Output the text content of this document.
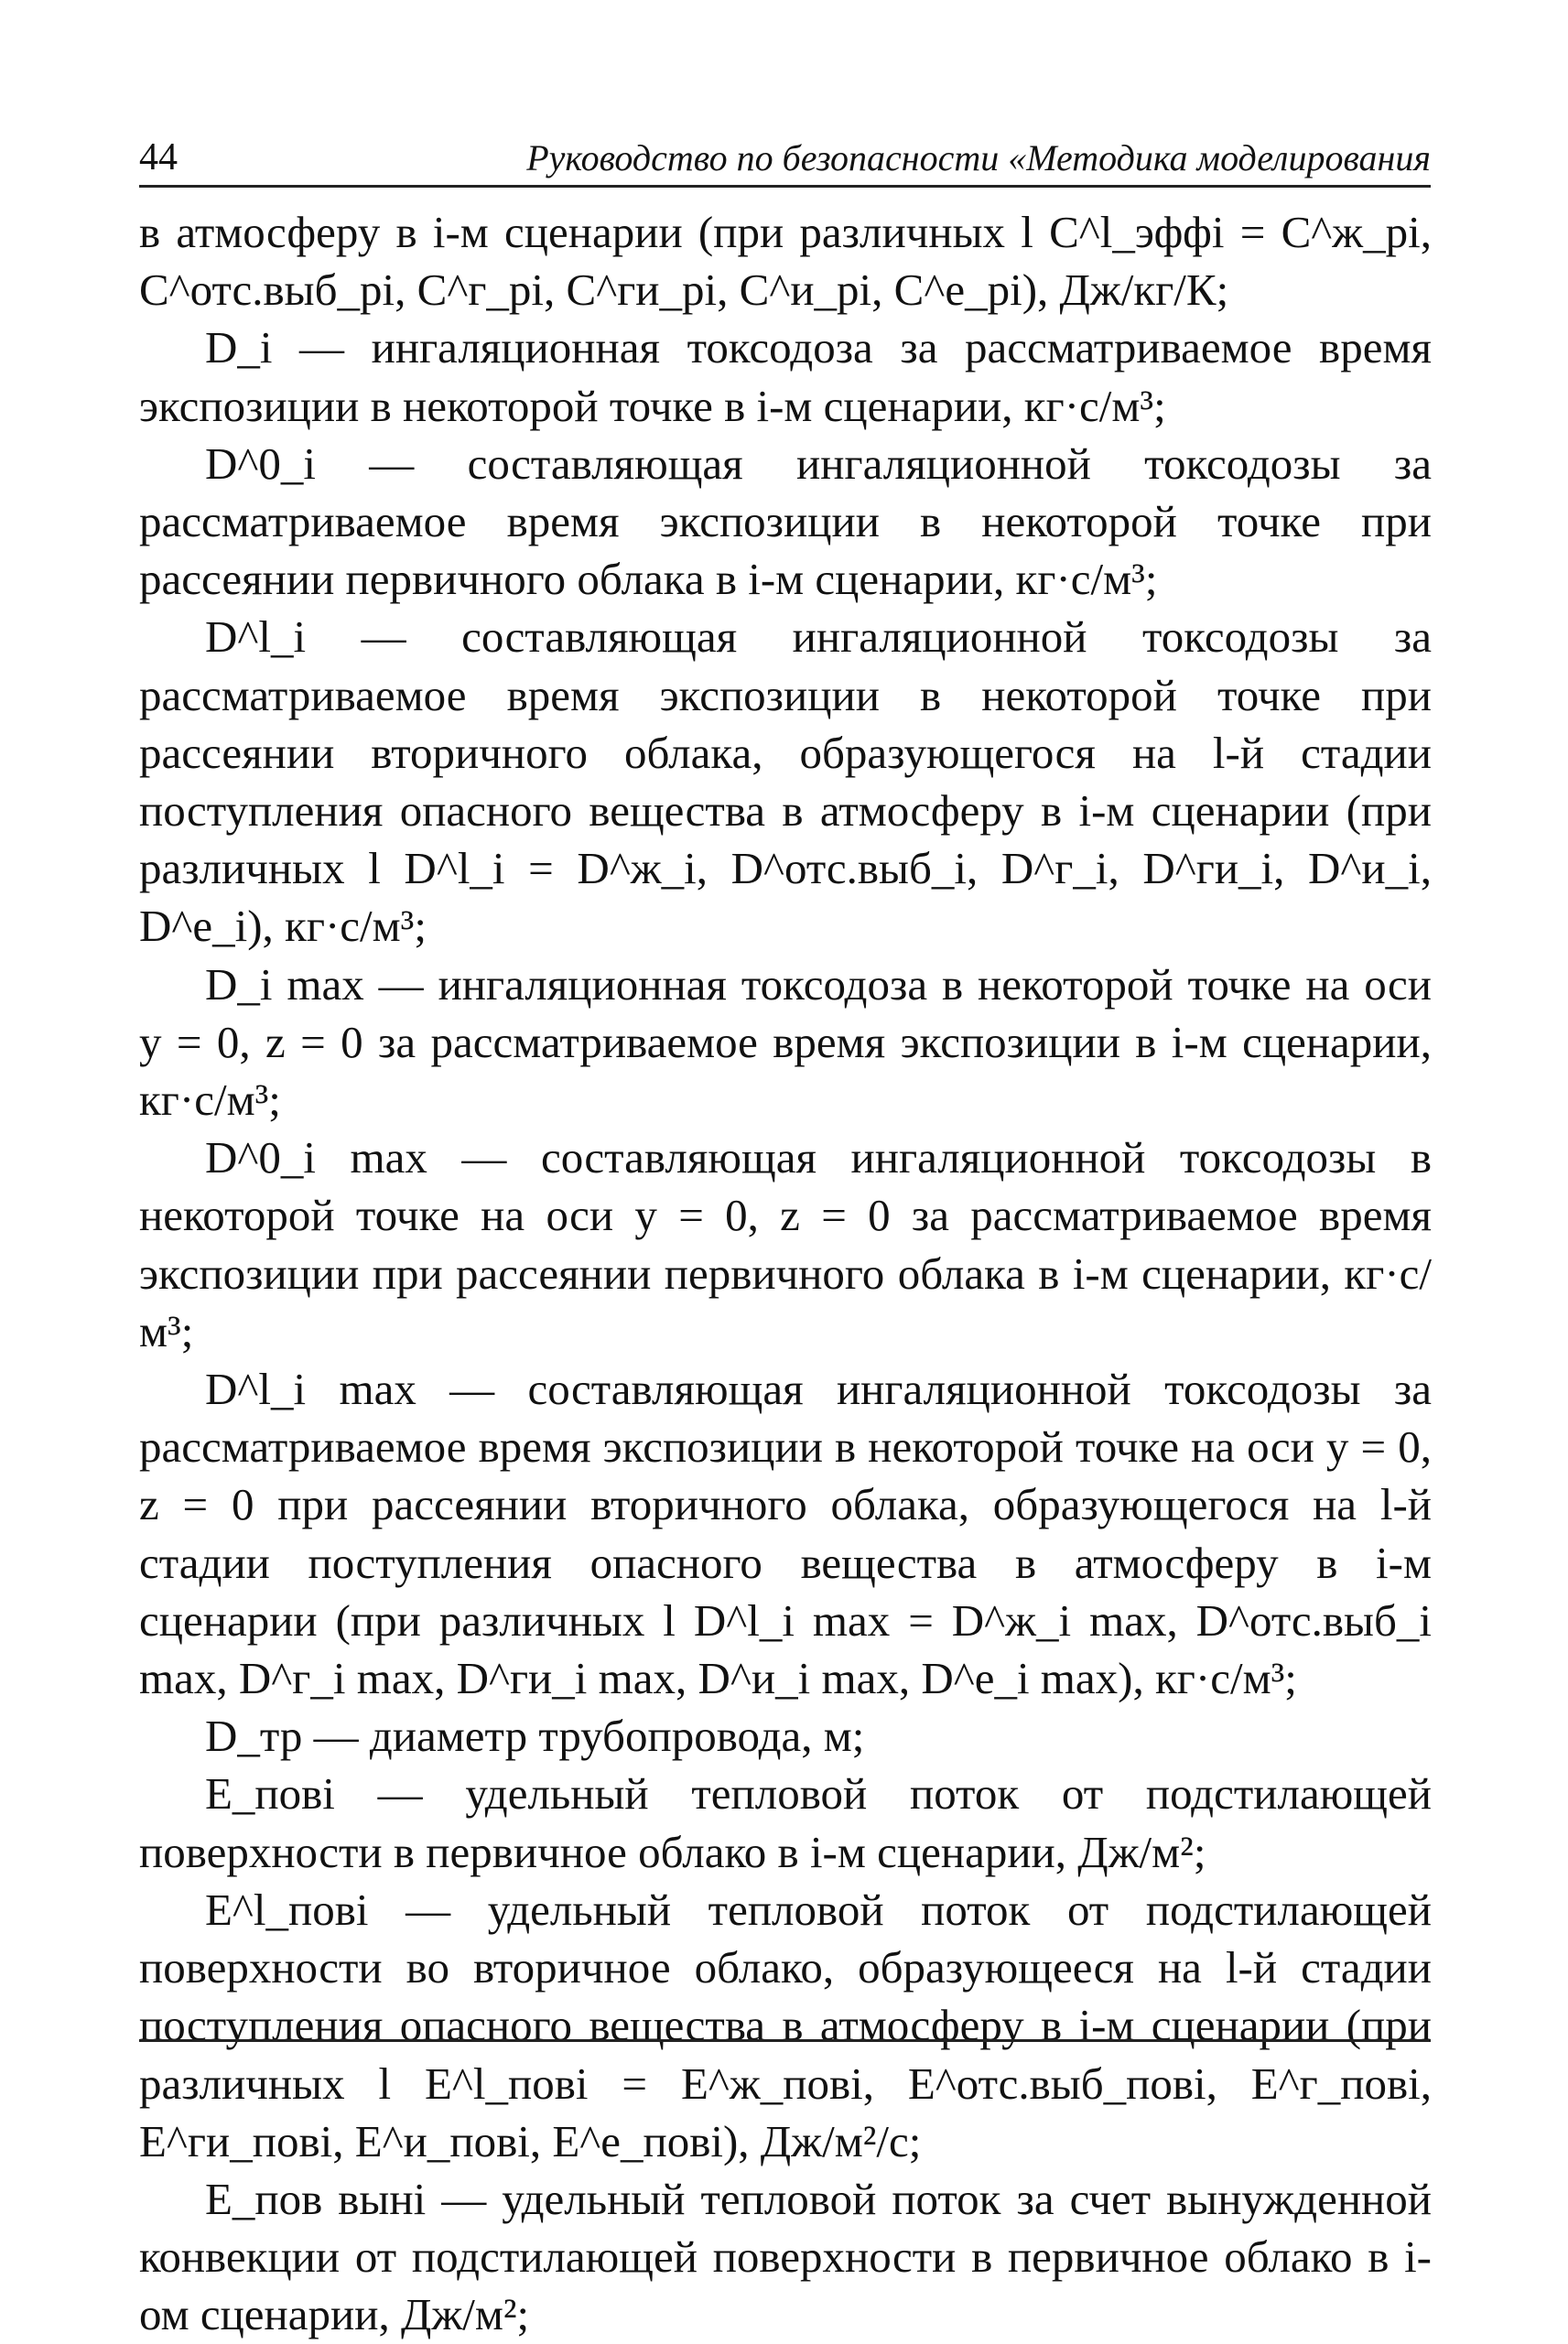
44	Руководство по безопасности «Методика моделирования

в атмосферу в i-м сценарии (при различных l C^l_эффi = C^ж_pi, C^отс.выб_pi, C^г_pi, C^ги_pi, C^и_pi, C^е_pi), Дж/кг/К;

D_i — ингаляционная токсодоза за рассматриваемое время экспозиции в некоторой точке в i-м сценарии, кг·с/м³;

D^0_i — составляющая ингаляционной токсодозы за рассматриваемое время экспозиции в некоторой точке при рассеянии первичного облака в i-м сценарии, кг·с/м³;

D^l_i — составляющая ингаляционной токсодозы за рассматриваемое время экспозиции в некоторой точке при рассеянии вторичного облака, образующегося на l-й стадии поступления опасного вещества в атмосферу в i-м сценарии (при различных l D^l_i = D^ж_i, D^отс.выб_i, D^г_i, D^ги_i, D^и_i, D^е_i), кг·с/м³;

D_i max — ингаляционная токсодоза в некоторой точке на оси y = 0, z = 0 за рассматриваемое время экспозиции в i-м сценарии, кг·с/м³;

D^0_i max — составляющая ингаляционной токсодозы в некоторой точке на оси y = 0, z = 0 за рассматриваемое время экспозиции при рассеянии первичного облака в i-м сценарии, кг·с/м³;

D^l_i max — составляющая ингаляционной токсодозы за рассматриваемое время экспозиции в некоторой точке на оси y = 0, z = 0 при рассеянии вторичного облака, образующегося на l-й стадии поступления опасного вещества в атмосферу в i-м сценарии (при различных l D^l_i max = D^ж_i max, D^отс.выб_i max, D^г_i max, D^ги_i max, D^и_i max, D^е_i max), кг·с/м³;

D_тр — диаметр трубопровода, м;

E_повi — удельный тепловой поток от подстилающей поверхности в первичное облако в i-м сценарии, Дж/м²;

E^l_повi — удельный тепловой поток от подстилающей поверхности во вторичное облако, образующееся на l-й стадии поступления опасного вещества в атмосферу в i-м сценарии (при различных l E^l_повi = E^ж_повi, E^отс.выб_повi, E^г_повi, E^ги_повi, E^и_повi, E^е_повi), Дж/м²/с;

E_пов вынi — удельный тепловой поток за счет вынужденной конвекции от подстилающей поверхности в первичное облако в i-ом сценарии, Дж/м²;
